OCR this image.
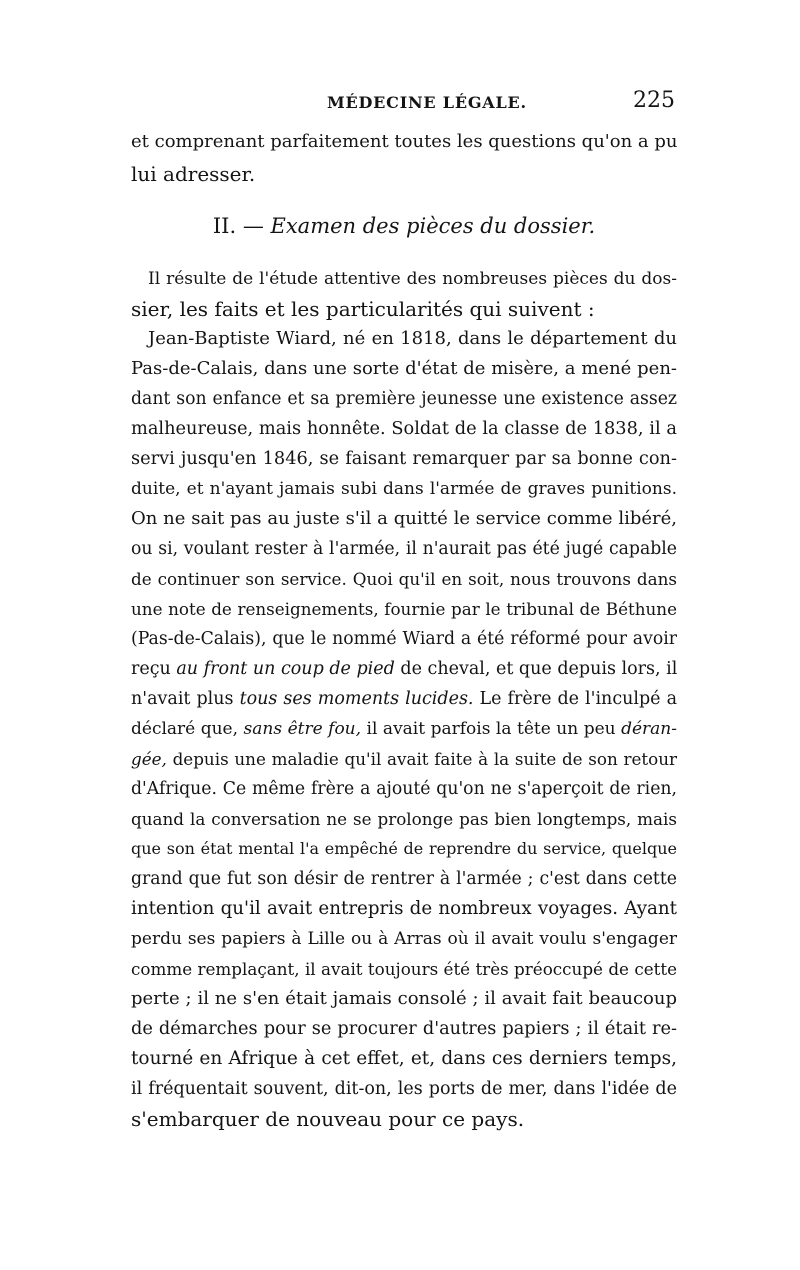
MÉDECINE LÉGALE.	225
et comprenant parfaitement toutes les questions qu'on a pu
lui adresser.
II. — Examen des pièces du dossier.
Il résulte de l'étude attentive des nombreuses pièces du dos-
sier, les faits et les particularités qui suivent :
Jean-Baptiste Wiard, né en 1818, dans le département du
Pas-de-Calais, dans une sorte d'état de misère, a mené pen-
dant son enfance et sa première jeunesse une existence assez
malheureuse, mais honnête. Soldat de la classe de 1838, il a
servi jusqu'en 1846, se faisant remarquer par sa bonne con-
duite, et n'ayant jamais subi dans l'armée de graves punitions.
On ne sait pas au juste s'il a quitté le service comme libéré,
ou si, voulant rester à l'armée, il n'aurait pas été jugé capable
de continuer son service. Quoi qu'il en soit, nous trouvons dans
une note de renseignements, fournie par le tribunal de Béthune
(Pas-de-Calais), que le nommé Wiard a été réformé pour avoir
reçu au front un coup de pied de cheval, et que depuis lors, il
n'avait plus tous ses moments lucides. Le frère de l'inculpé a
déclaré que, sans être fou, il avait parfois la tête un peu déran-
gée, depuis une maladie qu'il avait faite à la suite de son retour
d'Afrique. Ce même frère a ajouté qu'on ne s'aperçoit de rien,
quand la conversation ne se prolonge pas bien longtemps, mais
que son état mental l'a empêché de reprendre du service, quelque
grand que fut son désir de rentrer à l'armée ; c'est dans cette
intention qu'il avait entrepris de nombreux voyages. Ayant
perdu ses papiers à Lille ou à Arras où il avait voulu s'engager
comme remplaçant, il avait toujours été très préoccupé de cette
perte ; il ne s'en était jamais consolé ; il avait fait beaucoup
de démarches pour se procurer d'autres papiers ; il était re-
tourné en Afrique à cet effet, et, dans ces derniers temps,
il fréquentait souvent, dit-on, les ports de mer, dans l'idée de
s'embarquer de nouveau pour ce pays.
